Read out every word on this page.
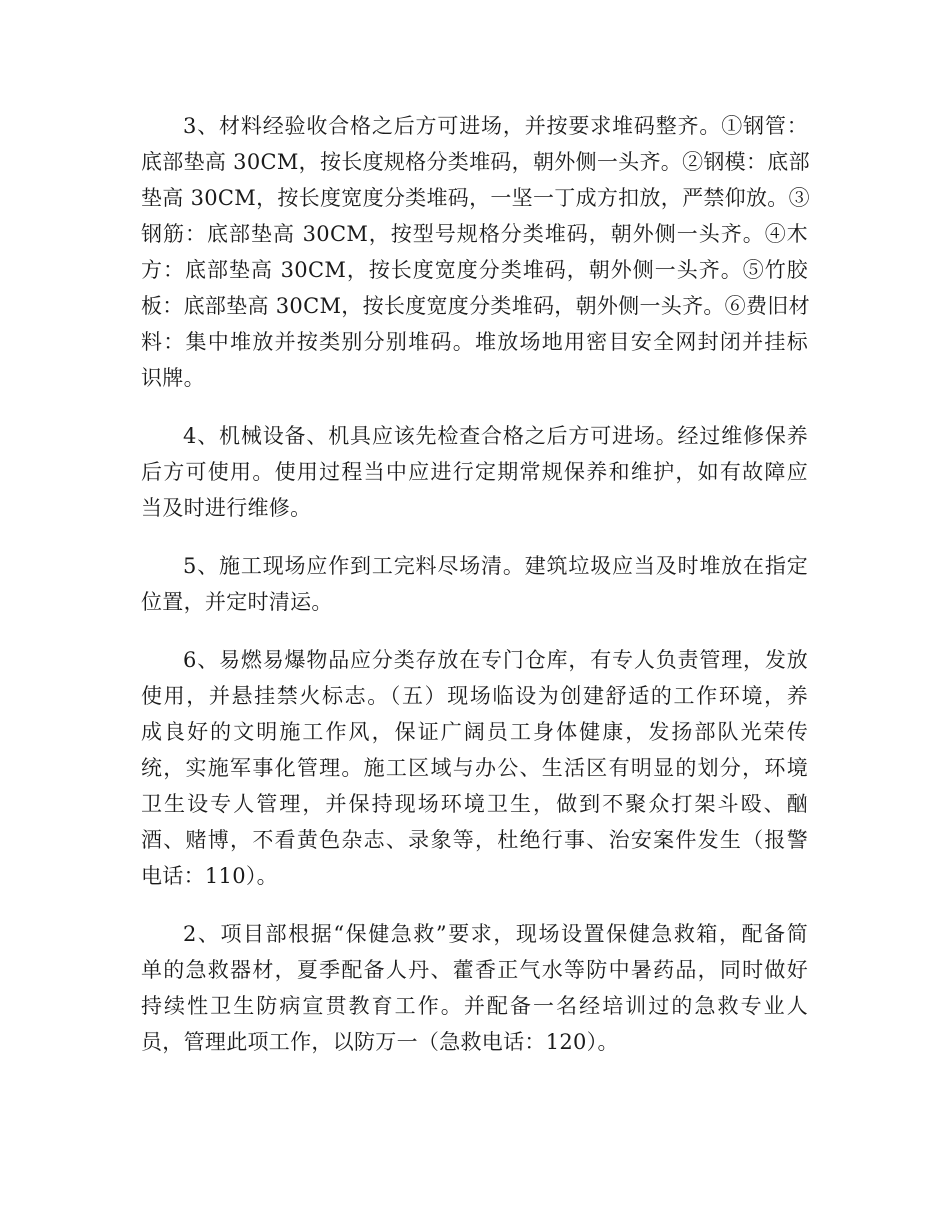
3、材料经验收合格之后方可进场，并按要求堆码整齐。①钢管：
底部垫高 30CM，按长度规格分类堆码，朝外侧一头齐。②钢模：底部
垫高 30CM，按长度宽度分类堆码，一坚一丁成方扣放，严禁仰放。③
钢筋：底部垫高 30CM，按型号规格分类堆码，朝外侧一头齐。④木
方：底部垫高 30CM，按长度宽度分类堆码，朝外侧一头齐。⑤竹胶
板：底部垫高 30CM，按长度宽度分类堆码，朝外侧一头齐。⑥费旧材
料：集中堆放并按类别分别堆码。堆放场地用密目安全网封闭并挂标
识牌。

4、机械设备、机具应该先检查合格之后方可进场。经过维修保养
后方可使用。使用过程当中应进行定期常规保养和维护，如有故障应
当及时进行维修。

5、施工现场应作到工完料尽场清。建筑垃圾应当及时堆放在指定
位置，并定时清运。

6、易燃易爆物品应分类存放在专门仓库，有专人负责管理，发放
使用，并悬挂禁火标志。（五）现场临设为创建舒适的工作环境，养
成良好的文明施工作风，保证广阔员工身体健康，发扬部队光荣传
统，实施军事化管理。施工区域与办公、生活区有明显的划分，环境
卫生设专人管理，并保持现场环境卫生，做到不聚众打架斗殴、酗
酒、赌博，不看黄色杂志、录象等，杜绝行事、治安案件发生（报警
电话：110）。

2、项目部根据“保健急救”要求，现场设置保健急救箱，配备简
单的急救器材，夏季配备人丹、藿香正气水等防中暑药品，同时做好
持续性卫生防病宣贯教育工作。并配备一名经培训过的急救专业人
员，管理此项工作，以防万一（急救电话：120）。
